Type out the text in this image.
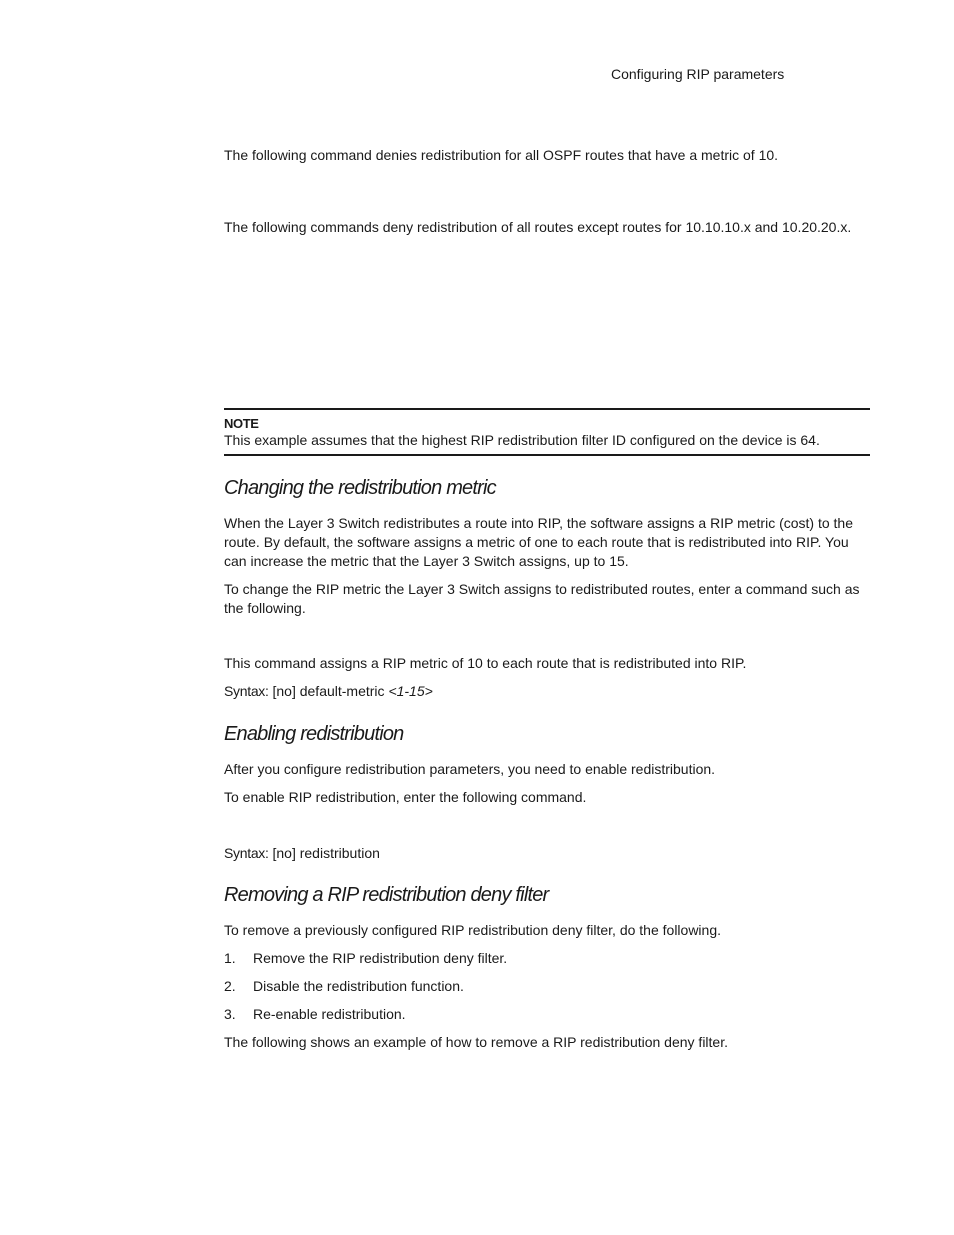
Configuring RIP parameters

The following command denies redistribution for all OSPF routes that have a metric of 10.

The following commands deny redistribution of all routes except routes for 10.10.10.x and 10.20.20.x.

NOTE
This example assumes that the highest RIP redistribution filter ID configured on the device is 64.
Changing the redistribution metric

When the Layer 3 Switch redistributes a route into RIP, the software assigns a RIP metric (cost) to the route. By default, the software assigns a metric of one to each route that is redistributed into RIP. You can increase the metric that the Layer 3 Switch assigns, up to 15.

To change the RIP metric the Layer 3 Switch assigns to redistributed routes, enter a command such as the following.

This command assigns a RIP metric of 10 to each route that is redistributed into RIP.

Syntax: [no] default-metric <1-15>

Enabling redistribution

After you configure redistribution parameters, you need to enable redistribution.

To enable RIP redistribution, enter the following command.

Syntax: [no] redistribution

Removing a RIP redistribution deny filter

To remove a previously configured RIP redistribution deny filter, do the following.

1. Remove the RIP redistribution deny filter.

2. Disable the redistribution function.

3. Re-enable redistribution.

The following shows an example of how to remove a RIP redistribution deny filter.
